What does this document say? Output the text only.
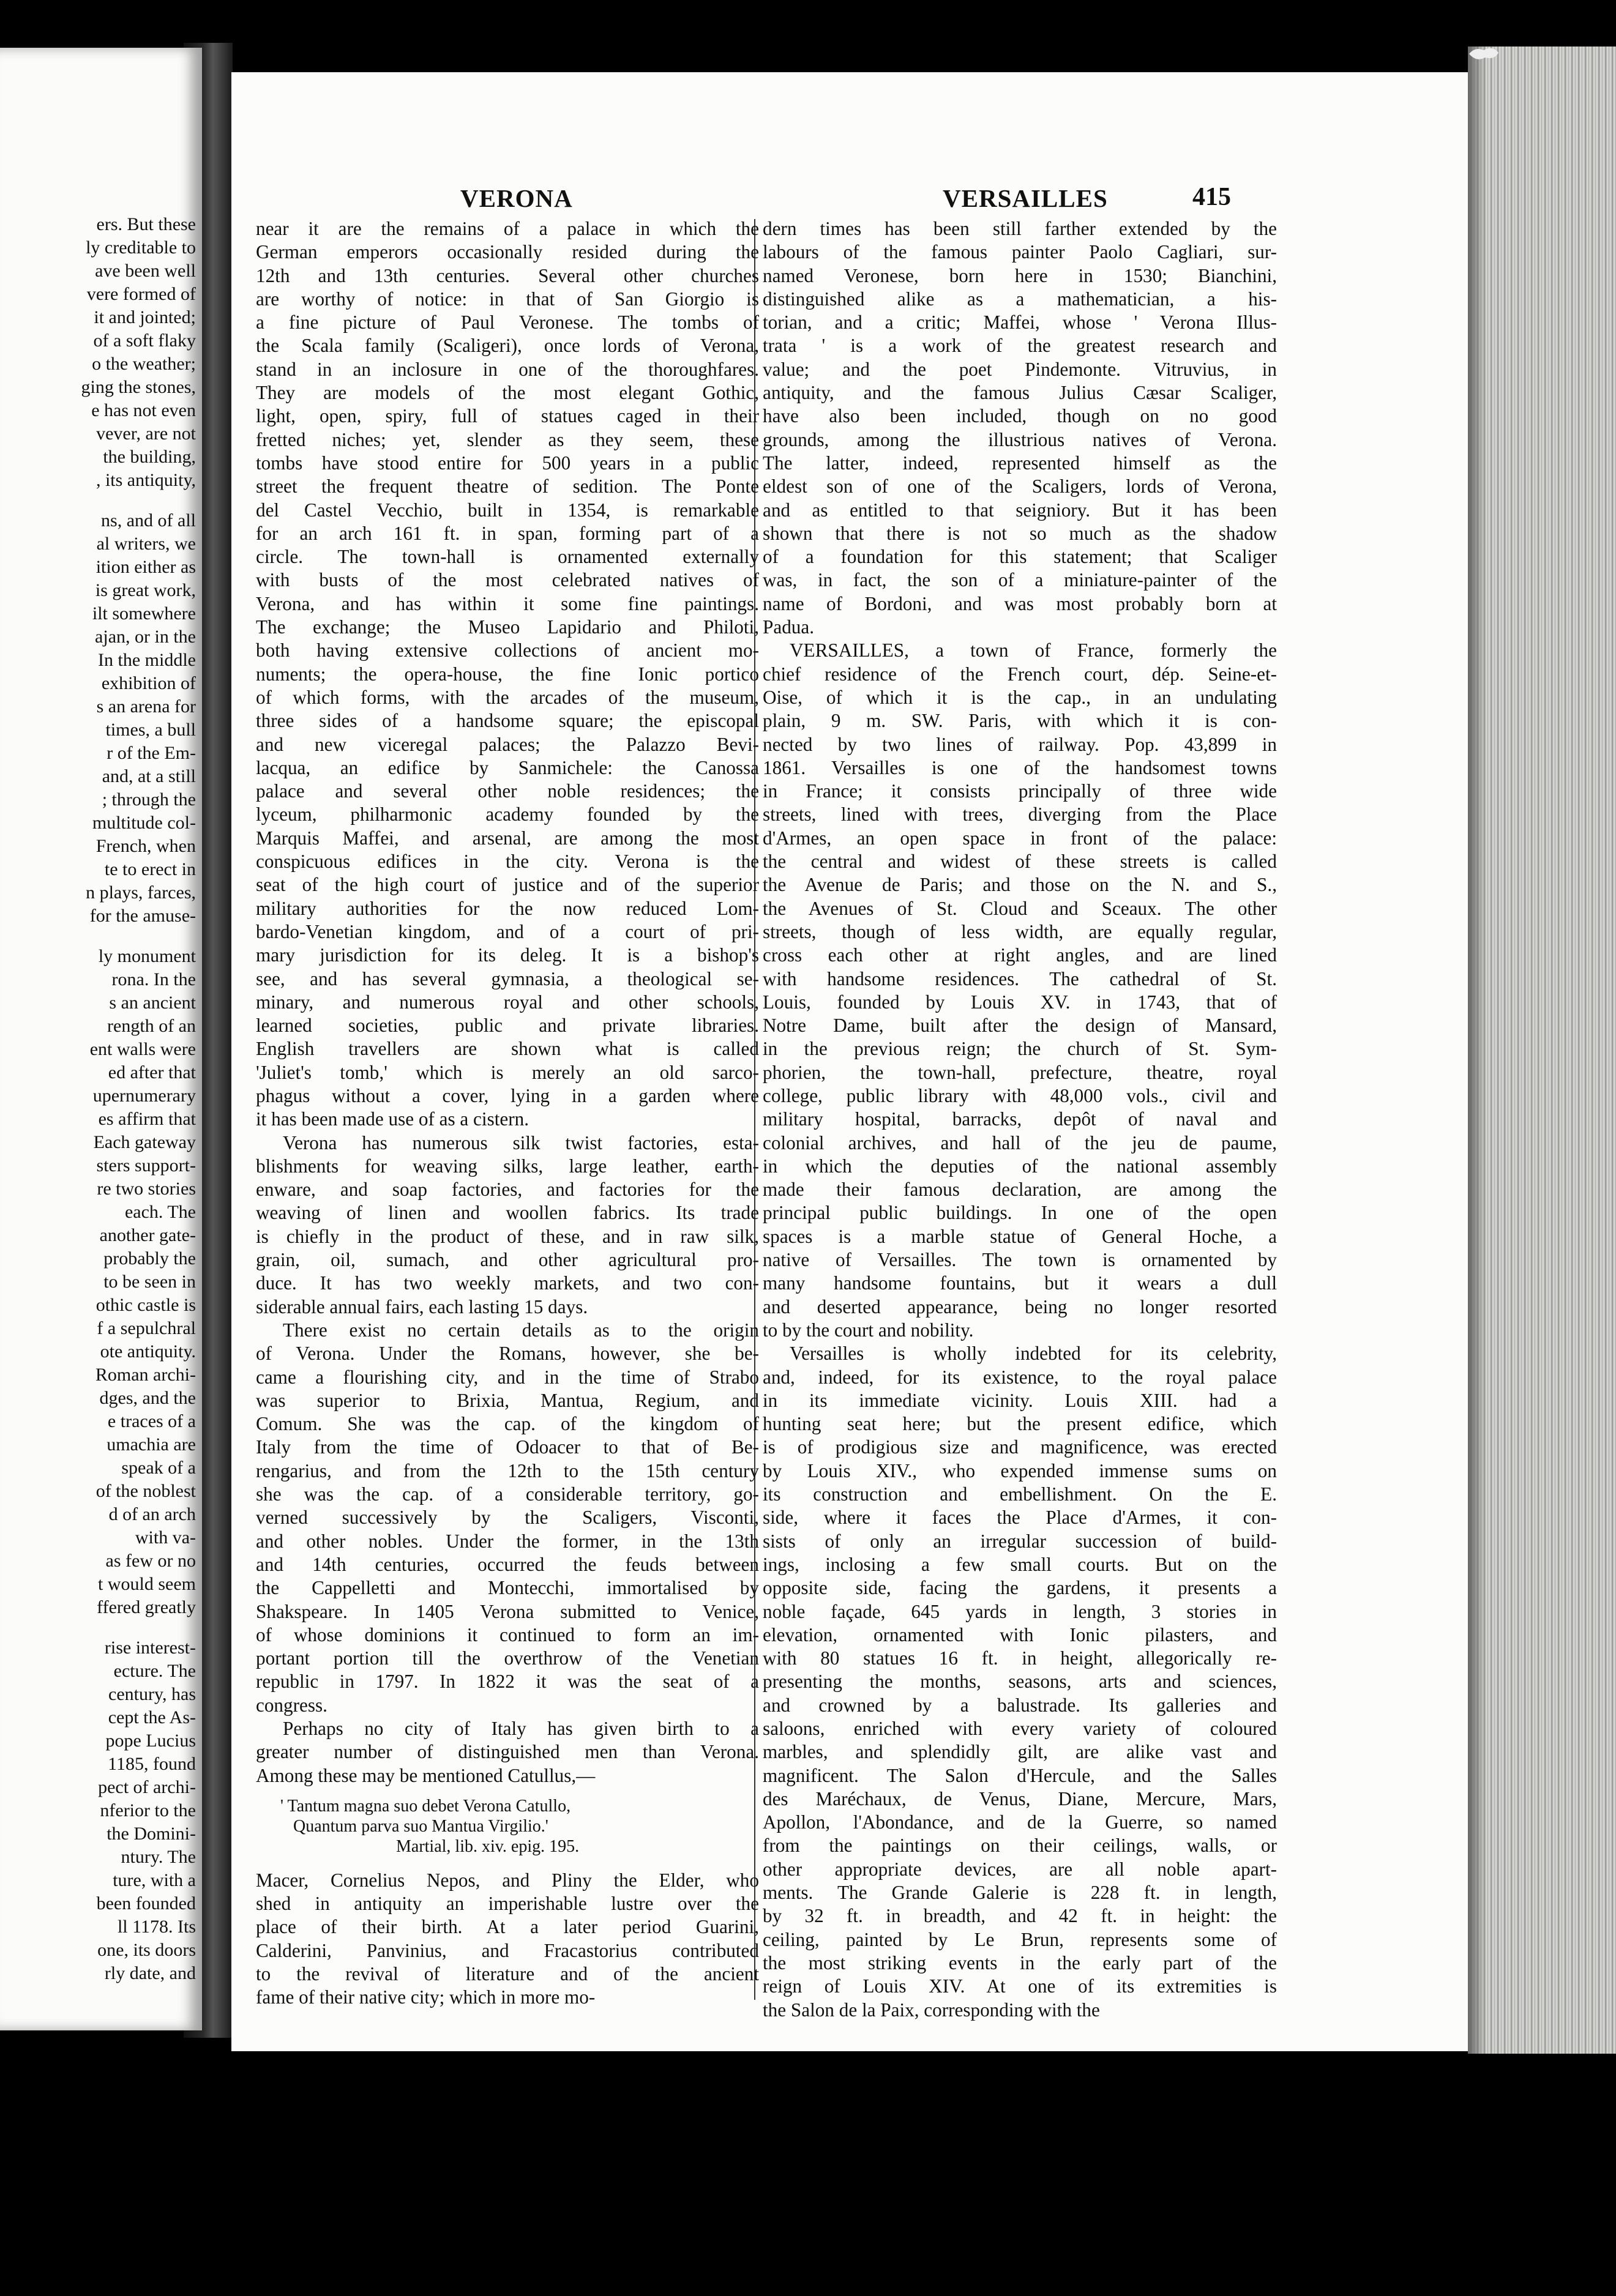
ers. But these
ly creditable to
ave been well
vere formed of
it and jointed;
of a soft flaky
o the weather;
ging the stones,
e has not even
vever, are not
the building,
, its antiquity,
ns, and of all
al writers, we
ition either as
is great work,
ilt somewhere
ajan, or in the
In the middle
exhibition of
s an arena for
times, a bull
r of the Em-
and, at a still
; through the
multitude col-
French, when
te to erect in
n plays, farces,
for the amuse-
ly monument
rona. In the
s an ancient
rength of an
ent walls were
ed after that
upernumerary
es affirm that
Each gateway
sters support-
re two stories
each. The
another gate-
probably the
to be seen in
othic castle is
f a sepulchral
ote antiquity.
Roman archi-
dges, and the
e traces of a
umachia are
speak of a
of the noblest
d of an arch
with va-
as few or no
t would seem
ffered greatly
rise interest-
ecture. The
century, has
cept the As-
pope Lucius
1185, found
pect of archi-
nferior to the
the Domini-
ntury. The
ture, with a
been founded
ll 1178. Its
one, its doors
rly date, and
VERONA	VERSAILLES	415
near it are the remains of a palace in which the
German emperors occasionally resided during the
12th and 13th centuries. Several other churches
are worthy of notice: in that of San Giorgio is
a fine picture of Paul Veronese. The tombs of
the Scala family (Scaligeri), once lords of Verona,
stand in an inclosure in one of the thoroughfares.
They are models of the most elegant Gothic,
light, open, spiry, full of statues caged in their
fretted niches; yet, slender as they seem, these
tombs have stood entire for 500 years in a public
street the frequent theatre of sedition. The Ponte
del Castel Vecchio, built in 1354, is remarkable
for an arch 161 ft. in span, forming part of a
circle. The town-hall is ornamented externally
with busts of the most celebrated natives of
Verona, and has within it some fine paintings.
The exchange; the Museo Lapidario and Philoti,
both having extensive collections of ancient mo-
numents; the opera-house, the fine Ionic portico
of which forms, with the arcades of the museum,
three sides of a handsome square; the episcopal
and new viceregal palaces; the Palazzo Bevi-
lacqua, an edifice by Sanmichele: the Canossa
palace and several other noble residences; the
lyceum, philharmonic academy founded by the
Marquis Maffei, and arsenal, are among the most
conspicuous edifices in the city. Verona is the
seat of the high court of justice and of the superior
military authorities for the now reduced Lom-
bardo-Venetian kingdom, and of a court of pri-
mary jurisdiction for its deleg. It is a bishop's
see, and has several gymnasia, a theological se-
minary, and numerous royal and other schools,
learned societies, public and private libraries.
English travellers are shown what is called
'Juliet's tomb,' which is merely an old sarco-
phagus without a cover, lying in a garden where
it has been made use of as a cistern.
Verona has numerous silk twist factories, esta-
blishments for weaving silks, large leather, earth-
enware, and soap factories, and factories for the
weaving of linen and woollen fabrics. Its trade
is chiefly in the product of these, and in raw silk,
grain, oil, sumach, and other agricultural pro-
duce. It has two weekly markets, and two con-
siderable annual fairs, each lasting 15 days.
There exist no certain details as to the origin
of Verona. Under the Romans, however, she be-
came a flourishing city, and in the time of Strabo
was superior to Brixia, Mantua, Regium, and
Comum. She was the cap. of the kingdom of
Italy from the time of Odoacer to that of Be-
rengarius, and from the 12th to the 15th century
she was the cap. of a considerable territory, go-
verned successively by the Scaligers, Visconti,
and other nobles. Under the former, in the 13th
and 14th centuries, occurred the feuds between
the Cappelletti and Montecchi, immortalised by
Shakspeare. In 1405 Verona submitted to Venice,
of whose dominions it continued to form an im-
portant portion till the overthrow of the Venetian
republic in 1797. In 1822 it was the seat of a
congress.
Perhaps no city of Italy has given birth to a
greater number of distinguished men than Verona.
Among these may be mentioned Catullus,—
' Tantum magna suo debet Verona Catullo,
Quantum parva suo Mantua Virgilio.'
Martial, lib. xiv. epig. 195.
Macer, Cornelius Nepos, and Pliny the Elder, who
shed in antiquity an imperishable lustre over the
place of their birth. At a later period Guarini,
Calderini, Panvinius, and Fracastorius contributed
to the revival of literature and of the ancient
fame of their native city; which in more mo-
dern times has been still farther extended by the
labours of the famous painter Paolo Cagliari, sur-
named Veronese, born here in 1530; Bianchini,
distinguished alike as a mathematician, a his-
torian, and a critic; Maffei, whose ' Verona Illus-
trata ' is a work of the greatest research and
value; and the poet Pindemonte. Vitruvius, in
antiquity, and the famous Julius Cæsar Scaliger,
have also been included, though on no good
grounds, among the illustrious natives of Verona.
The latter, indeed, represented himself as the
eldest son of one of the Scaligers, lords of Verona,
and as entitled to that seigniory. But it has been
shown that there is not so much as the shadow
of a foundation for this statement; that Scaliger
was, in fact, the son of a miniature-painter of the
name of Bordoni, and was most probably born at
Padua.
VERSAILLES, a town of France, formerly the
chief residence of the French court, dép. Seine-et-
Oise, of which it is the cap., in an undulating
plain, 9 m. SW. Paris, with which it is con-
nected by two lines of railway. Pop. 43,899 in
1861. Versailles is one of the handsomest towns
in France; it consists principally of three wide
streets, lined with trees, diverging from the Place
d'Armes, an open space in front of the palace:
the central and widest of these streets is called
the Avenue de Paris; and those on the N. and S.,
the Avenues of St. Cloud and Sceaux. The other
streets, though of less width, are equally regular,
cross each other at right angles, and are lined
with handsome residences. The cathedral of St.
Louis, founded by Louis XV. in 1743, that of
Notre Dame, built after the design of Mansard,
in the previous reign; the church of St. Sym-
phorien, the town-hall, prefecture, theatre, royal
college, public library with 48,000 vols., civil and
military hospital, barracks, depôt of naval and
colonial archives, and hall of the jeu de paume,
in which the deputies of the national assembly
made their famous declaration, are among the
principal public buildings. In one of the open
spaces is a marble statue of General Hoche, a
native of Versailles. The town is ornamented by
many handsome fountains, but it wears a dull
and deserted appearance, being no longer resorted
to by the court and nobility.
Versailles is wholly indebted for its celebrity,
and, indeed, for its existence, to the royal palace
in its immediate vicinity. Louis XIII. had a
hunting seat here; but the present edifice, which
is of prodigious size and magnificence, was erected
by Louis XIV., who expended immense sums on
its construction and embellishment. On the E.
side, where it faces the Place d'Armes, it con-
sists of only an irregular succession of build-
ings, inclosing a few small courts. But on the
opposite side, facing the gardens, it presents a
noble façade, 645 yards in length, 3 stories in
elevation, ornamented with Ionic pilasters, and
with 80 statues 16 ft. in height, allegorically re-
presenting the months, seasons, arts and sciences,
and crowned by a balustrade. Its galleries and
saloons, enriched with every variety of coloured
marbles, and splendidly gilt, are alike vast and
magnificent. The Salon d'Hercule, and the Salles
des Maréchaux, de Venus, Diane, Mercure, Mars,
Apollon, l'Abondance, and de la Guerre, so named
from the paintings on their ceilings, walls, or
other appropriate devices, are all noble apart-
ments. The Grande Galerie is 228 ft. in length,
by 32 ft. in breadth, and 42 ft. in height: the
ceiling, painted by Le Brun, represents some of
the most striking events in the early part of the
reign of Louis XIV. At one of its extremities is
the Salon de la Paix, corresponding with the
